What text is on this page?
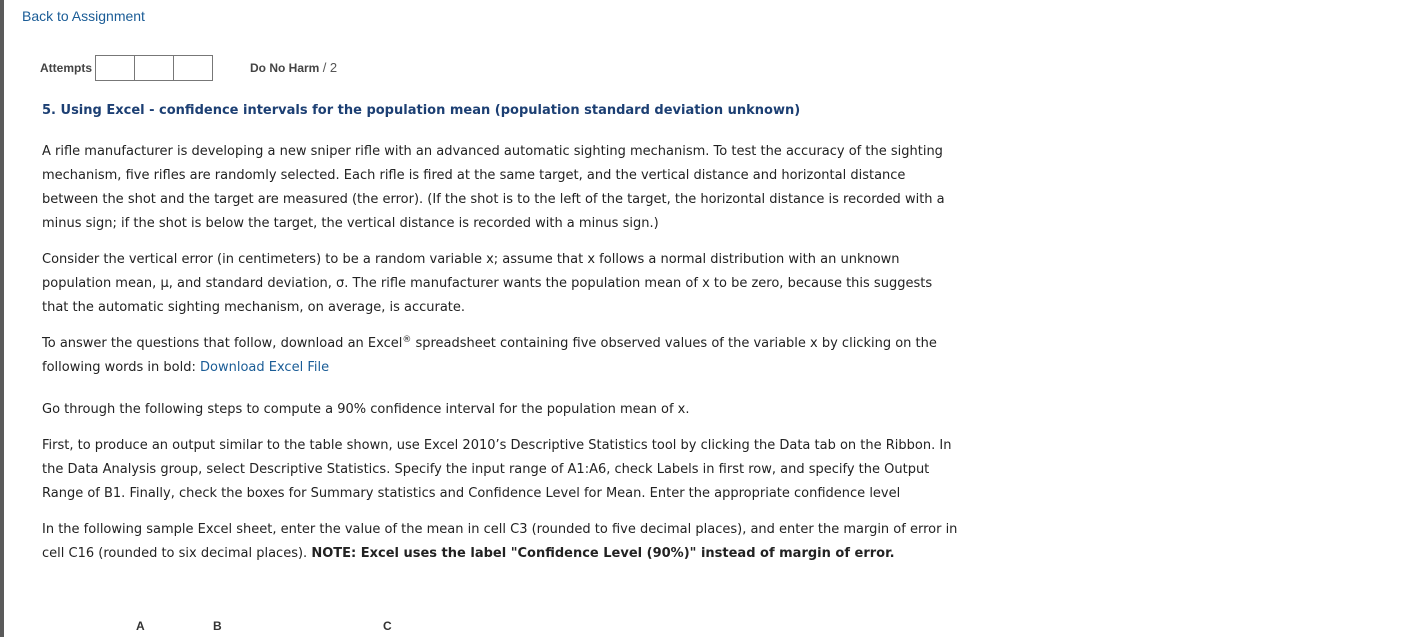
Back to Assignment
Attempts	Do No Harm / 2
5. Using Excel - confidence intervals for the population mean (population standard deviation unknown)

A rifle manufacturer is developing a new sniper rifle with an advanced automatic sighting mechanism. To test the accuracy of the sighting mechanism, five rifles are randomly selected. Each rifle is fired at the same target, and the vertical distance and horizontal distance between the shot and the target are measured (the error). (If the shot is to the left of the target, the horizontal distance is recorded with a minus sign; if the shot is below the target, the vertical distance is recorded with a minus sign.)

Consider the vertical error (in centimeters) to be a random variable x; assume that x follows a normal distribution with an unknown population mean, μ, and standard deviation, σ. The rifle manufacturer wants the population mean of x to be zero, because this suggests that the automatic sighting mechanism, on average, is accurate.

To answer the questions that follow, download an Excel® spreadsheet containing five observed values of the variable x by clicking on the following words in bold: Download Excel File

Go through the following steps to compute a 90% confidence interval for the population mean of x.

First, to produce an output similar to the table shown, use Excel 2010’s Descriptive Statistics tool by clicking the Data tab on the Ribbon. In the Data Analysis group, select Descriptive Statistics. Specify the input range of A1:A6, check Labels in first row, and specify the Output Range of B1. Finally, check the boxes for Summary statistics and Confidence Level for Mean. Enter the appropriate confidence level

In the following sample Excel sheet, enter the value of the mean in cell C3 (rounded to five decimal places), and enter the margin of error in cell C16 (rounded to six decimal places). NOTE: Excel uses the label "Confidence Level (90%)" instead of margin of error.

A	B	C
